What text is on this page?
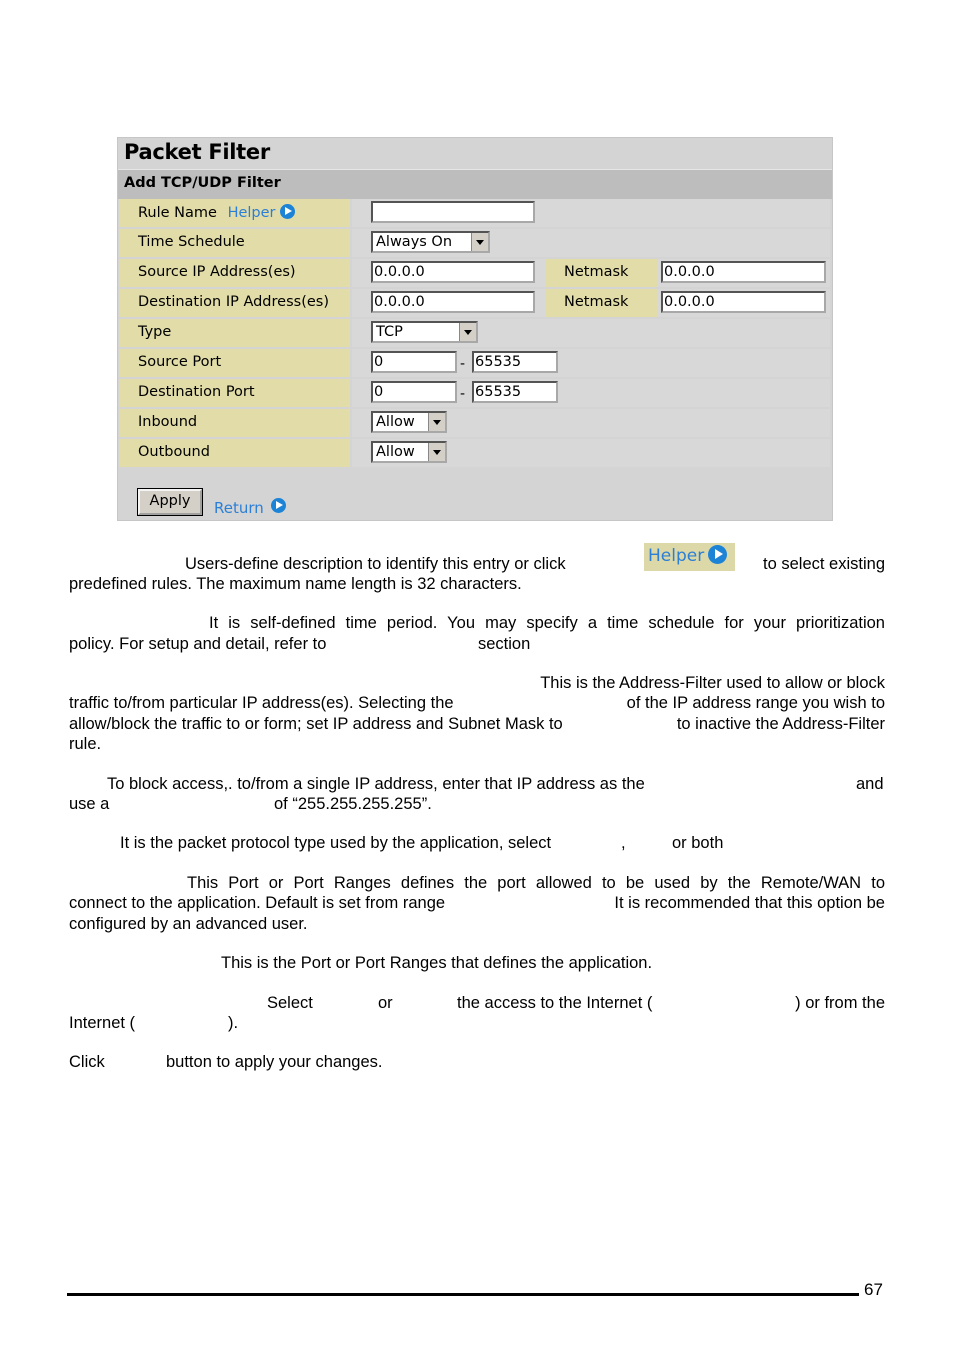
Packet Filter
Add TCP/UDP Filter
Rule Name Helper
Time Schedule	Always On
Source IP Address(es)	0.0.0.0	Netmask	0.0.0.0
Destination IP Address(es)	0.0.0.0	Netmask	0.0.0.0
Type	TCP
Source Port	0	- 65535
Destination Port	0	- 65535
Inbound	Allow
Outbound	Allow
Apply	Return
Users-define description to identify this entry or click	Helper	to select existing
predefined rules. The maximum name length is 32 characters.
It is self-defined time period. You may specify a time schedule for your prioritization
policy. For setup and detail, refer to	section
This is the Address-Filter used to allow or block
traffic to/from particular IP address(es). Selecting the	of the IP address range you wish to
allow/block the traffic to or form; set IP address and Subnet Mask to	to inactive the Address-Filter
rule.
To block access,. to/from a single IP address, enter that IP address as the	and
use a	of “255.255.255.255”.
It is the packet protocol type used by the application, select	,	or both
This Port or Port Ranges defines the port allowed to be used by the Remote/WAN to
connect to the application. Default is set from range	It is recommended that this option be
configured by an advanced user.
This is the Port or Port Ranges that defines the application.
Select	or	the access to the Internet (	) or from the
Internet (	).
Click	button to apply your changes.
67
